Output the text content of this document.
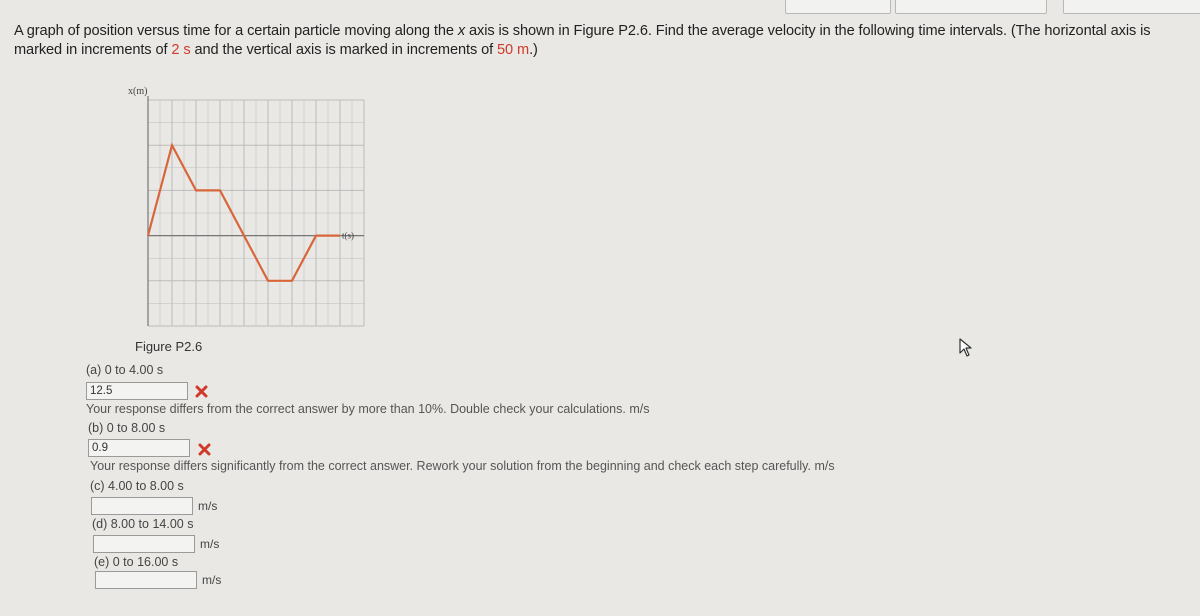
A graph of position versus time for a certain particle moving along the x axis is shown in Figure P2.6. Find the average velocity in the following time intervals. (The horizontal axis is marked in increments of 2 s and the vertical axis is marked in increments of 50 m.)
x(m)
t(s)
Figure P2.6
(a) 0 to 4.00 s
12.5
Your response differs from the correct answer by more than 10%. Double check your calculations. m/s
(b) 0 to 8.00 s
0.9
Your response differs significantly from the correct answer. Rework your solution from the beginning and check each step carefully. m/s
(c) 4.00 to 8.00 s
m/s
(d) 8.00 to 14.00 s
m/s
(e) 0 to 16.00 s
m/s
